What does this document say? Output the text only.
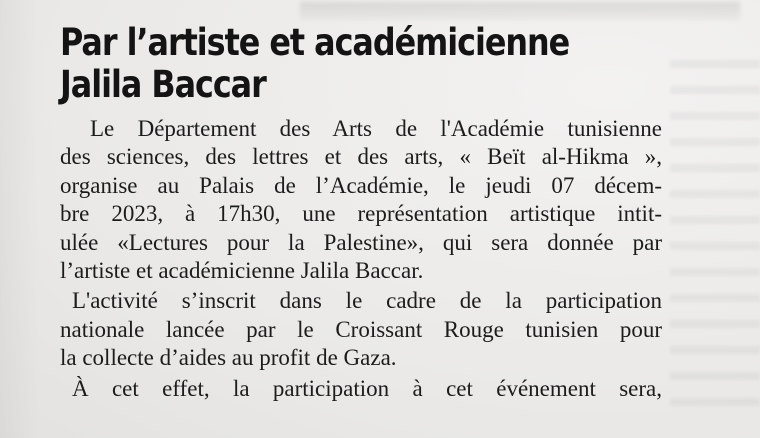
Par l’artiste et académicienne
Jalila Baccar

Le Département des Arts de l'Académie tunisienne
des sciences, des lettres et des arts, « Beït al-Hikma »,
organise au Palais de l’Académie, le jeudi 07 décem-
bre 2023, à 17h30, une représentation artistique intit-
ulée «Lectures pour la Palestine», qui sera donnée par
l’artiste et académicienne Jalila Baccar.

L'activité s’inscrit dans le cadre de la participation
nationale lancée par le Croissant Rouge tunisien pour
la collecte d’aides au profit de Gaza.

À cet effet, la participation à cet événement sera,
